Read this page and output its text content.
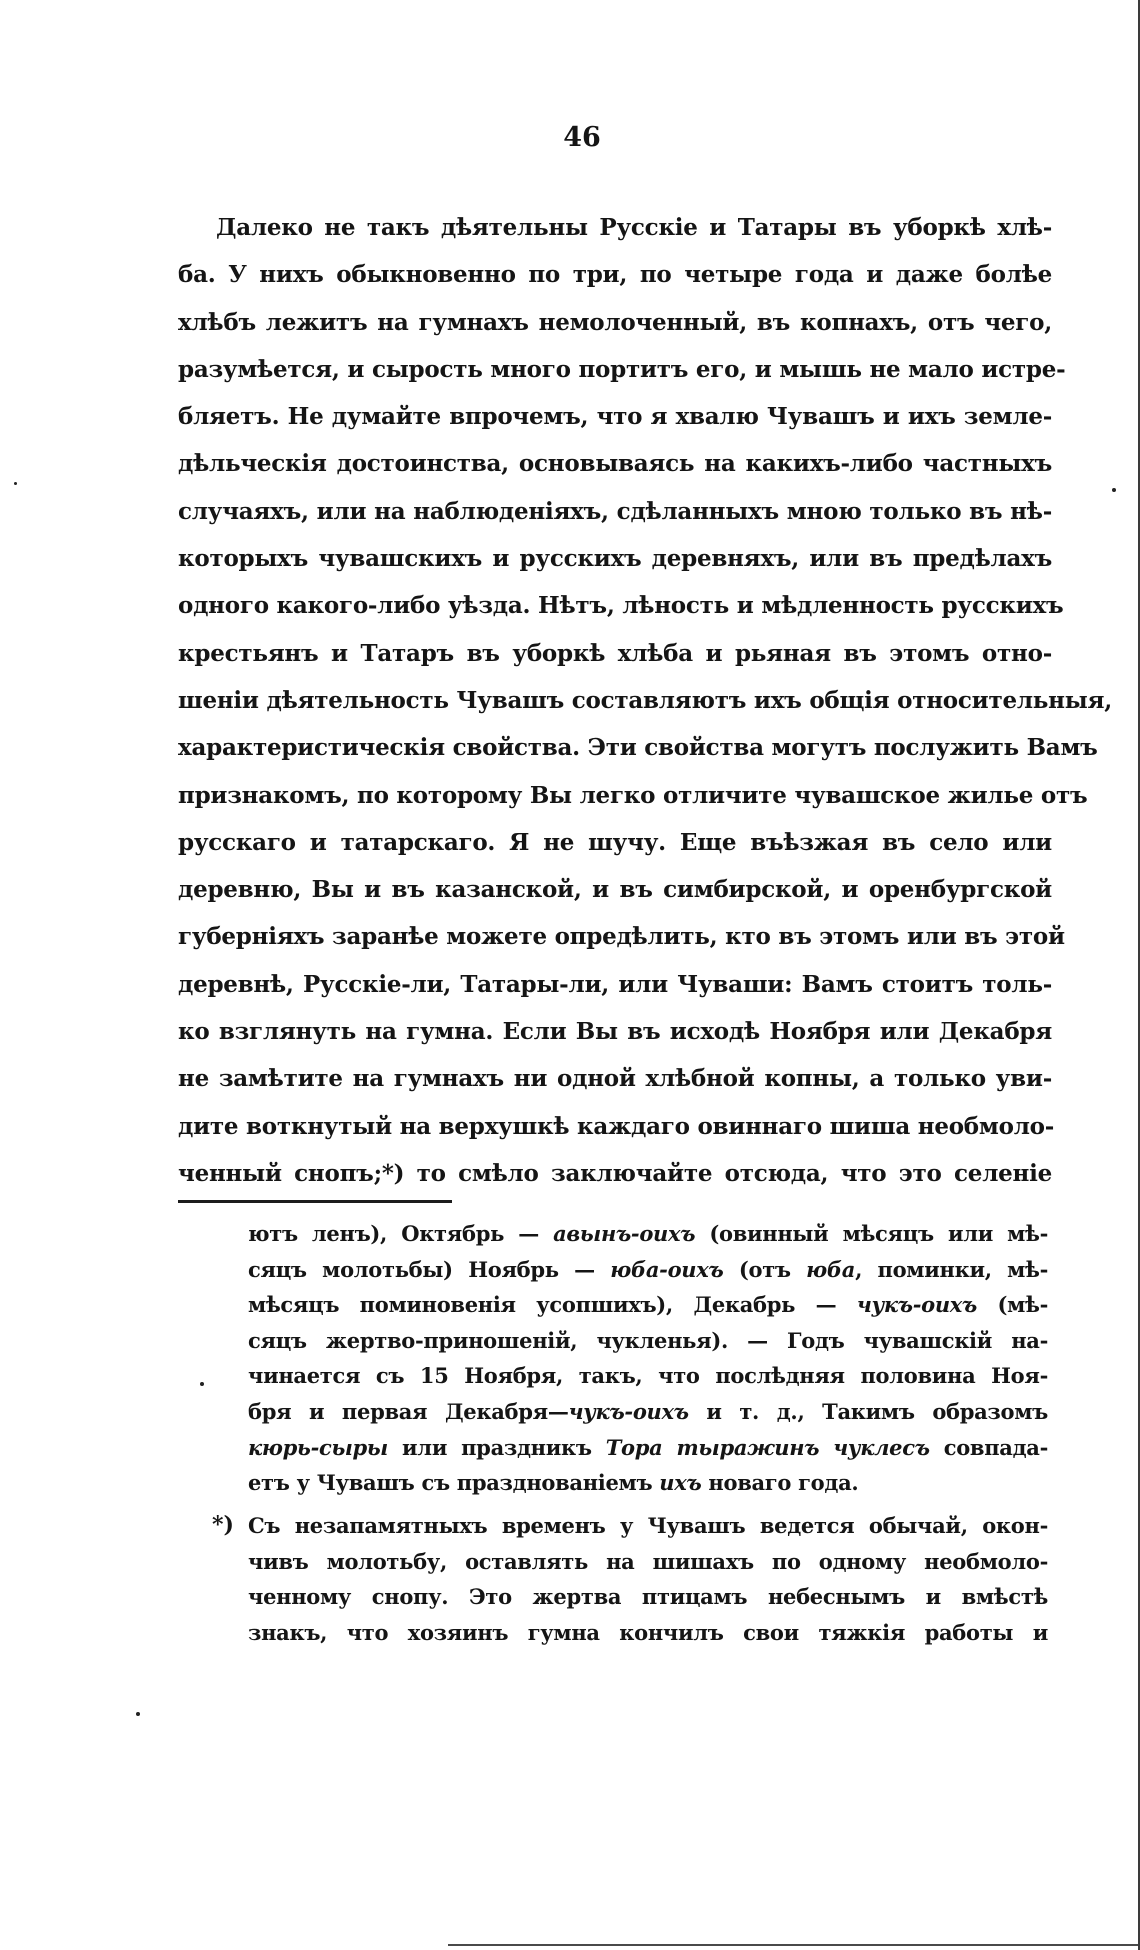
46
Далеко не такъ дѣятельны Русскіе и Татары въ уборкѣ хлѣ-
ба. У нихъ обыкновенно по три, по четыре года и даже болѣе
хлѣбъ лежитъ на гумнахъ немолоченный, въ копнахъ, отъ чего,
разумѣется, и сырость много портитъ его, и мышь не мало истре-
бляетъ. Не думайте впрочемъ, что я хвалю Чувашъ и ихъ земле-
дѣльческія достоинства, основываясь на какихъ-либо частныхъ
случаяхъ, или на наблюденіяхъ, сдѣланныхъ мною только въ нѣ-
которыхъ чувашскихъ и русскихъ деревняхъ, или въ предѣлахъ
одного какого-либо уѣзда. Нѣтъ, лѣность и мѣдленность русскихъ
крестьянъ и Татаръ въ уборкѣ хлѣба и рьяная въ этомъ отно-
шеніи дѣятельность Чувашъ составляютъ ихъ общія относительныя,
характеристическія свойства. Эти свойства могутъ послужить Вамъ
признакомъ, по которому Вы легко отличите чувашское жилье отъ
русскаго и татарскаго. Я не шучу. Еще въѣзжая въ село или
деревню, Вы и въ казанской, и въ симбирской, и оренбургской
губерніяхъ заранѣе можете опредѣлить, кто въ этомъ или въ этой
деревнѣ, Русскіе-ли, Татары-ли, или Чуваши: Вамъ стоитъ толь-
ко взглянуть на гумна. Если Вы въ исходѣ Ноября или Декабря
не замѣтите на гумнахъ ни одной хлѣбной копны, а только уви-
дите воткнутый на верхушкѣ каждаго овиннаго шиша необмоло-
ченный снопъ;*) то смѣло заключайте отсюда, что это селеніе
ютъ ленъ), Октябрь — авынъ-оихъ (овинный мѣсяцъ или мѣ-
сяцъ молотьбы) Ноябрь — юба-оихъ (отъ юба, поминки, мѣ-
мѣсяцъ поминовенія усопшихъ), Декабрь — чукъ-оихъ (мѣ-
сяцъ жертво-приношеній, чукленья). — Годъ чувашскій на-
чинается съ 15 Ноября, такъ, что послѣдняя половина Ноя-
бря и первая Декабря—чукъ-оихъ и т. д., Такимъ образомъ
кюрь-сыры или праздникъ Тора тыражинъ чуклесъ совпада-
етъ у Чувашъ съ празднованіемъ ихъ новаго года.
*) Съ незапамятныхъ временъ у Чувашъ ведется обычай, окон-
чивъ молотьбу, оставлять на шишахъ по одному необмоло-
ченному снопу. Это жертва птицамъ небеснымъ и вмѣстѣ
знакъ, что хозяинъ гумна кончилъ свои тяжкія работы и
